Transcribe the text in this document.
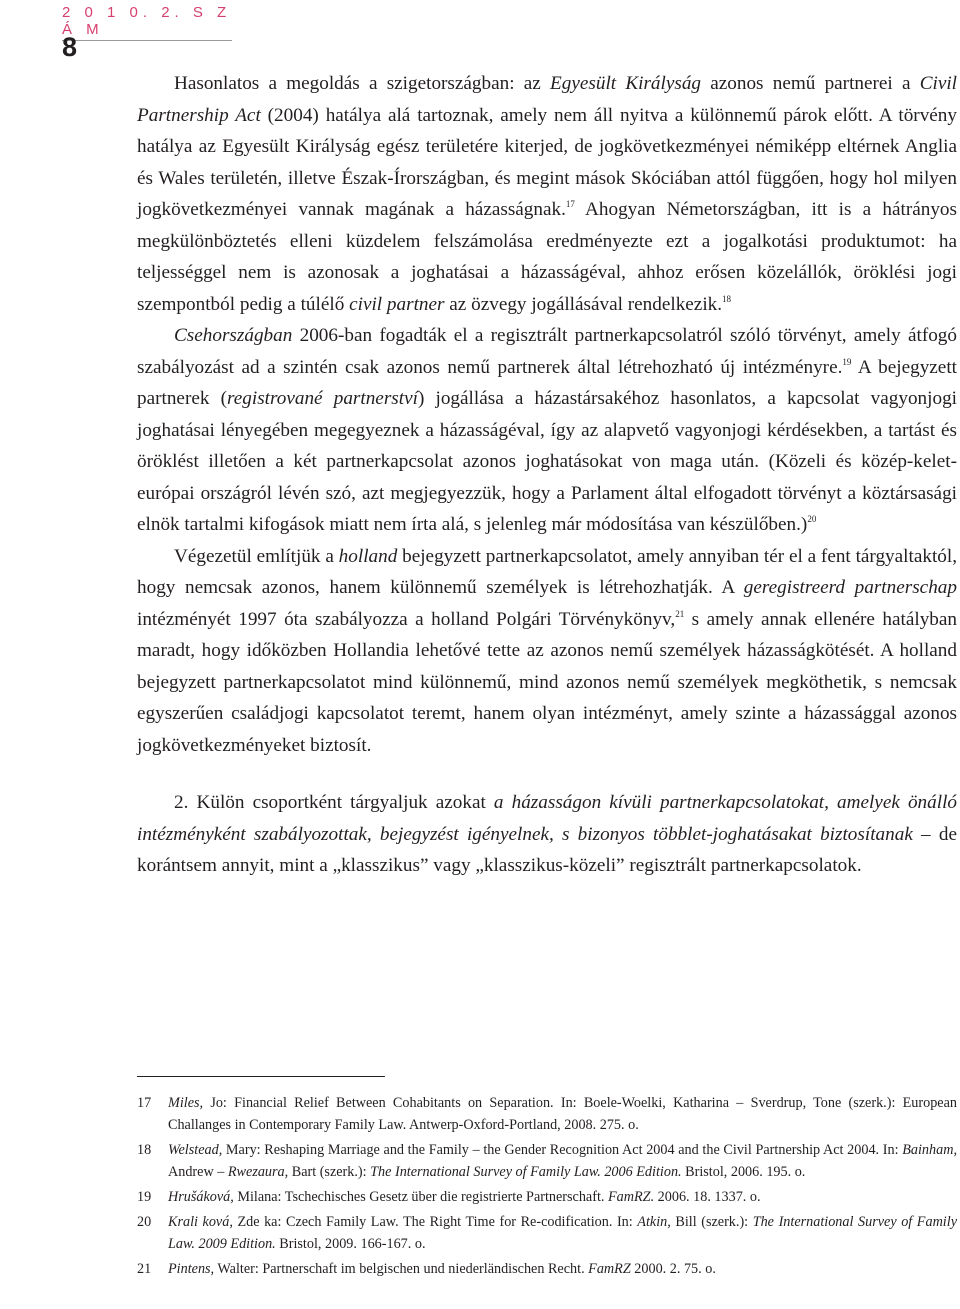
2 0 1 0. 2. S Z Á M
8

Hasonlatos a megoldás a szigetországban: az Egyesült Királyság azonos nemű partnerei a Civil Partnership Act (2004) hatálya alá tartoznak, amely nem áll nyitva a különnemű párok előtt. A törvény hatálya az Egyesült Királyság egész területére kiterjed, de jogkövetkezményei némiképp eltérnek Anglia és Wales területén, illetve Észak-Írországban, és megint mások Skóciában attól függően, hogy hol milyen jogkövetkezményei vannak magának a házasságnak.$^{17}$ Ahogyan Németországban, itt is a hátrányos megkülönböztetés elleni küzdelem felszámolása eredményezte ezt a jogalkotási produktumot: ha teljességgel nem is azonosak a joghatásai a házasságéval, ahhoz erősen közelállók, öröklési jogi szempontból pedig a túlélő civil partner az özvegy jogállásával rendelkezik.$^{18}$

Csehországban 2006-ban fogadták el a regisztrált partnerkapcsolatról szóló törvényt, amely átfogó szabályozást ad a szintén csak azonos nemű partnerek által létrehozható új intézményre.$^{19}$ A bejegyzett partnerek (registrované partnerství) jogállása a házastársakéhoz hasonlatos, a kapcsolat vagyonjogi joghatásai lényegében megegyeznek a házasságéval, így az alapvető vagyonjogi kérdésekben, a tartást és öröklést illetően a két partnerkapcsolat azonos joghatásokat von maga után. (Közeli és közép-kelet-európai országról lévén szó, azt megjegyezzük, hogy a Parlament által elfogadott törvényt a köztársasági elnök tartalmi kifogások miatt nem írta alá, s jelenleg már módosítása van készülőben.)$^{20}$

Végezetül említjük a holland bejegyzett partnerkapcsolatot, amely annyiban tér el a fent tárgyaltaktól, hogy nemcsak azonos, hanem különnemű személyek is létrehozhatják. A geregistreerd partnerschap intézményét 1997 óta szabályozza a holland Polgári Törvénykönyv,$^{21}$ s amely annak ellenére hatályban maradt, hogy időközben Hollandia lehetővé tette az azonos nemű személyek házasságkötését. A holland bejegyzett partnerkapcsolatot mind különnemű, mind azonos nemű személyek megköthetik, s nemcsak egyszerűen családjogi kapcsolatot teremt, hanem olyan intézményt, amely szinte a házassággal azonos jogkövetkezményeket biztosít.

2. Külön csoportként tárgyaljuk azokat a házasságon kívüli partnerkapcsolatokat, amelyek önálló intézményként szabályozottak, bejegyzést igényelnek, s bizonyos többlet-joghatásakat biztosítanak – de korántsem annyit, mint a „klasszikus” vagy „klasszikus-közeli” regisztrált partnerkapcsolatok.

17 Miles, Jo: Financial Relief Between Cohabitants on Separation. In: Boele-Woelki, Katharina – Sverdrup, Tone (szerk.): European Challanges in Contemporary Family Law. Antwerp-Oxford-Portland, 2008. 275. o.
18 Welstead, Mary: Reshaping Marriage and the Family – the Gender Recognition Act 2004 and the Civil Partnership Act 2004. In: Bainham, Andrew – Rwezaura, Bart (szerk.): The International Survey of Family Law. 2006 Edition. Bristol, 2006. 195. o.
19 Hrušáková, Milana: Tschechisches Gesetz über die registrierte Partnerschaft. FamRZ. 2006. 18. 1337. o.
20 Krali ková, Zde ka: Czech Family Law. The Right Time for Re-codification. In: Atkin, Bill (szerk.): The International Survey of Family Law. 2009 Edition. Bristol, 2009. 166-167. o.
21 Pintens, Walter: Partnerschaft im belgischen und niederländischen Recht. FamRZ 2000. 2. 75. o.
